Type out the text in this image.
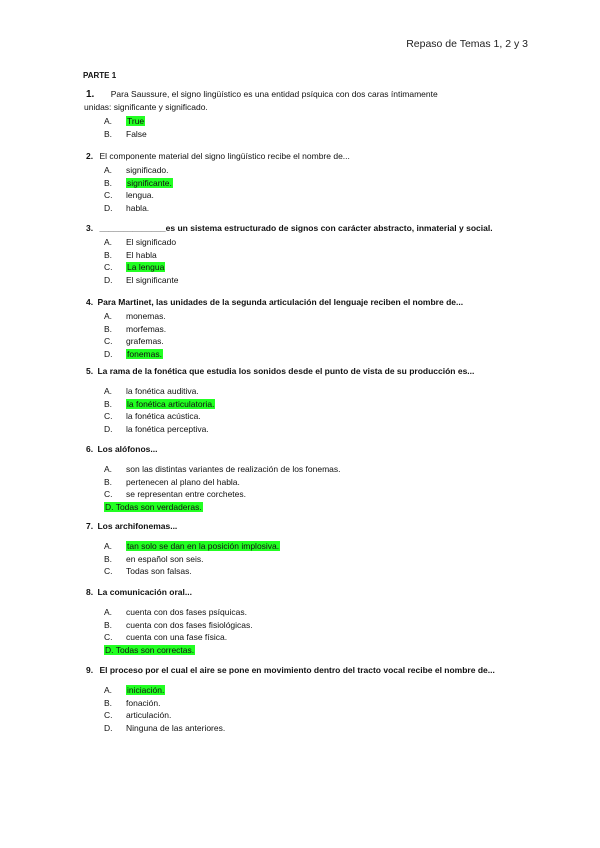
Repaso de Temas 1, 2 y 3
PARTE 1
1. Para Saussure, el signo lingüístico es una entidad psíquica con dos caras íntimamente
unidas: significante y significado.
A.	True
B.	False
2. El componente material del signo lingüístico recibe el nombre de...
A.	significado.
B.	significante.
C.	lengua.
D.	habla.
3. ______________es un sistema estructurado de signos con carácter abstracto, inmaterial y social.
A.	El significado
B.	El habla
C.	La lengua
D.	El significante
4. Para Martinet, las unidades de la segunda articulación del lenguaje reciben el nombre de...
A.	monemas.
B.	morfemas.
C.	grafemas.
D.	fonemas.
5. La rama de la fonética que estudia los sonidos desde el punto de vista de su producción es...
A.	la fonética auditiva.
B.	la fonética articulatoria.
C.	la fonética acústica.
D.	la fonética perceptiva.
6. Los alófonos...
A.	son las distintas variantes de realización de los fonemas.
B.	pertenecen al plano del habla.
C.	se representan entre corchetes.
D. Todas son verdaderas.
7. Los archifonemas...
A.	tan solo se dan en la posición implosiva.
B.	en español son seis.
C.	Todas son falsas.
8. La comunicación oral...
A.	cuenta con dos fases psíquicas.
B.	cuenta con dos fases fisiológicas.
C.	cuenta con una fase física.
D. Todas son correctas.
9. El proceso por el cual el aire se pone en movimiento dentro del tracto vocal recibe el nombre de...
A.	iniciación.
B.	fonación.
C.	articulación.
D.	Ninguna de las anteriores.
